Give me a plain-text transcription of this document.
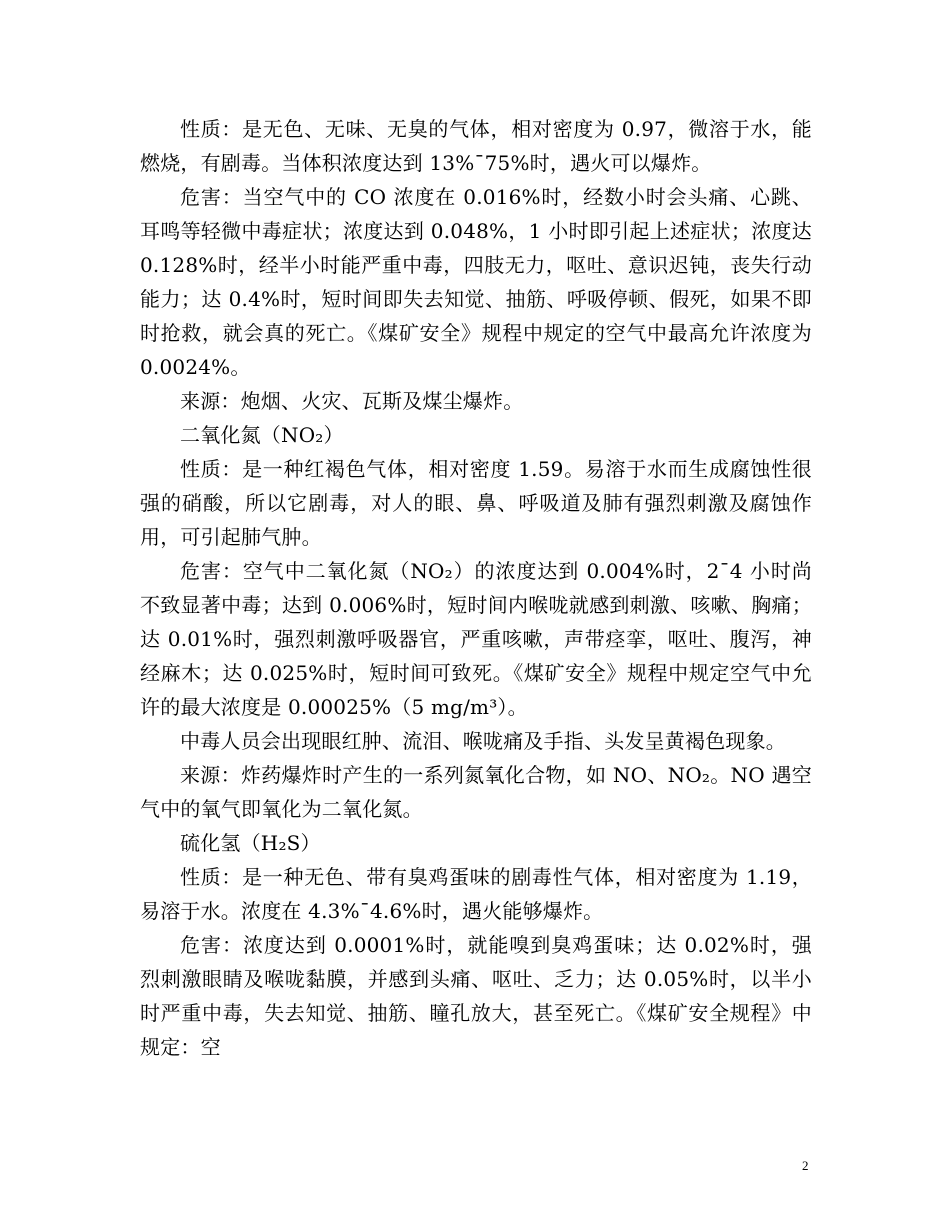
性质：是无色、无味、无臭的气体，相对密度为 0.97，微溶于水，能燃烧，有剧毒。当体积浓度达到 13%¯75%时，遇火可以爆炸。

危害：当空气中的 CO 浓度在 0.016%时，经数小时会头痛、心跳、耳鸣等轻微中毒症状；浓度达到 0.048%，1 小时即引起上述症状；浓度达 0.128%时，经半小时能严重中毒，四肢无力，呕吐、意识迟钝，丧失行动能力；达 0.4%时，短时间即失去知觉、抽筋、呼吸停顿、假死，如果不即时抢救，就会真的死亡。《煤矿安全》规程中规定的空气中最高允许浓度为 0.0024%。

来源：炮烟、火灾、瓦斯及煤尘爆炸。

二氧化氮（NO₂）

性质：是一种红褐色气体，相对密度 1.59。易溶于水而生成腐蚀性很强的硝酸，所以它剧毒，对人的眼、鼻、呼吸道及肺有强烈刺激及腐蚀作用，可引起肺气肿。

危害：空气中二氧化氮（NO₂）的浓度达到 0.004%时，2¯4 小时尚不致显著中毒；达到 0.006%时，短时间内喉咙就感到刺激、咳嗽、胸痛；达 0.01%时，强烈刺激呼吸器官，严重咳嗽，声带痉挛，呕吐、腹泻，神经麻木；达 0.025%时，短时间可致死。《煤矿安全》规程中规定空气中允许的最大浓度是 0.00025%（5 mg/m³）。

中毒人员会出现眼红肿、流泪、喉咙痛及手指、头发呈黄褐色现象。

来源：炸药爆炸时产生的一系列氮氧化合物，如 NO、NO₂。NO 遇空气中的氧气即氧化为二氧化氮。

硫化氢（H₂S）

性质：是一种无色、带有臭鸡蛋味的剧毒性气体，相对密度为 1.19，易溶于水。浓度在 4.3%¯4.6%时，遇火能够爆炸。

危害：浓度达到 0.0001%时，就能嗅到臭鸡蛋味；达 0.02%时，强烈刺激眼睛及喉咙黏膜，并感到头痛、呕吐、乏力；达 0.05%时，以半小时严重中毒，失去知觉、抽筋、瞳孔放大，甚至死亡。《煤矿安全规程》中规定：空

2
